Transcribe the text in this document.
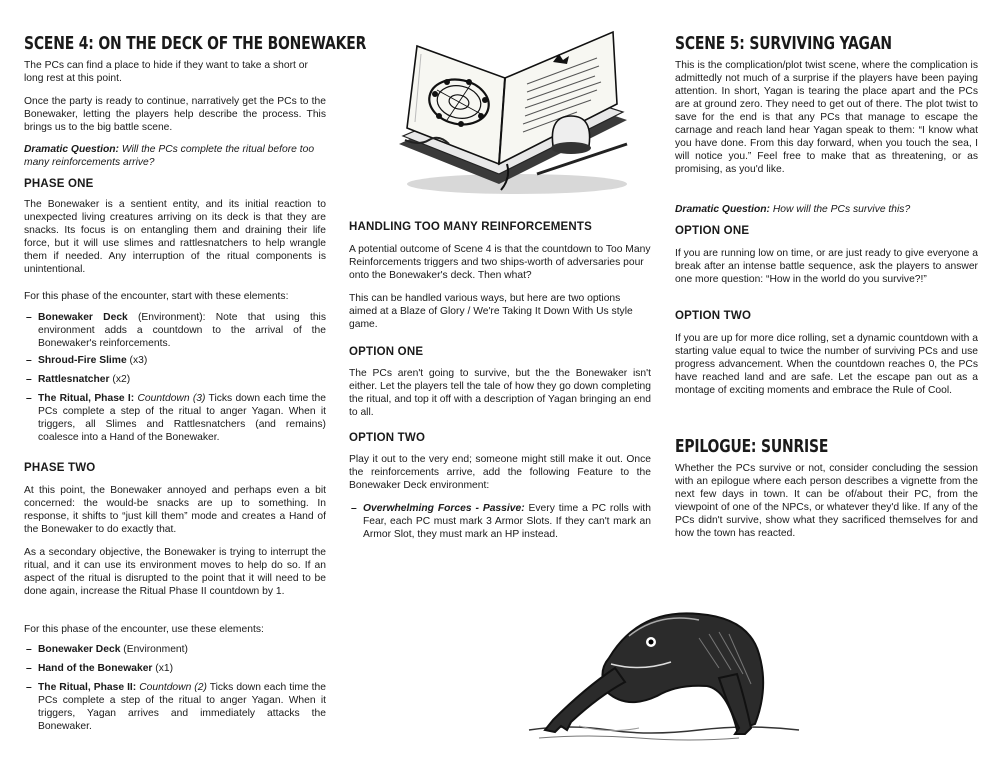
SCENE 4: ON THE DECK OF THE BONEWAKER

The PCs can find a place to hide if they want to take a short or long rest at this point.

Once the party is ready to continue, narratively get the PCs to the Bonewaker, letting the players help describe the process. This brings us to the big battle scene.

Dramatic Question: Will the PCs complete the ritual before too many reinforcements arrive?

PHASE ONE

The Bonewaker is a sentient entity, and its initial reaction to unexpected living creatures arriving on its deck is that they are snacks. Its focus is on entangling them and draining their life force, but it will use slimes and rattlesnatchers to help wrangle them if needed. Any interruption of the ritual components is unintentional.

For this phase of the encounter, start with these elements:

– Bonewaker Deck (Environment): Note that using this environment adds a countdown to the arrival of the Bonewaker's reinforcements.
– Shroud-Fire Slime (x3)
– Rattlesnatcher (x2)
– The Ritual, Phase I: Countdown (3) Ticks down each time the PCs complete a step of the ritual to anger Yagan. When it triggers, all Slimes and Rattlesnatchers (and remains) coalesce into a Hand of the Bonewaker.
PHASE TWO

At this point, the Bonewaker annoyed and perhaps even a bit concerned: the would-be snacks are up to something. In response, it shifts to “just kill them” mode and creates a Hand of the Bonewaker to do exactly that.

As a secondary objective, the Bonewaker is trying to interrupt the ritual, and it can use its environment moves to help do so. If an aspect of the ritual is disrupted to the point that it will need to be done again, increase the Ritual Phase II countdown by 1.

For this phase of the encounter, use these elements:

– Bonewaker Deck (Environment)
– Hand of the Bonewaker (x1)
– The Ritual, Phase II: Countdown (2) Ticks down each time the PCs complete a step of the ritual to anger Yagan. When it triggers, Yagan arrives and immediately attacks the Bonewaker.
HANDLING TOO MANY REINFORCEMENTS

A potential outcome of Scene 4 is that the countdown to Too Many Reinforcements triggers and two ships-worth of adversaries pour onto the Bonewaker's deck. Then what?

This can be handled various ways, but here are two options aimed at a Blaze of Glory / We're Taking It Down With Us style game.

OPTION ONE

The PCs aren't going to survive, but the the Bonewaker isn't either. Let the players tell the tale of how they go down completing the ritual, and top it off with a description of Yagan bringing an end to all.

OPTION TWO

Play it out to the very end; someone might still make it out. Once the reinforcements arrive, add the following Feature to the Bonewaker Deck environment:

– Overwhelming Forces - Passive: Every time a PC rolls with Fear, each PC must mark 3 Armor Slots. If they can't mark an Armor Slot, they must mark an HP instead.
SCENE 5: SURVIVING YAGAN

This is the complication/plot twist scene, where the complication is admittedly not much of a surprise if the players have been paying attention. In short, Yagan is tearing the place apart and the PCs are at ground zero. They need to get out of there. The plot twist to save for the end is that any PCs that manage to escape the carnage and reach land hear Yagan speak to them: “I know what you have done. From this day forward, when you touch the sea, I will notice you.” Feel free to make that as threatening, or as promising, as you'd like.

Dramatic Question: How will the PCs survive this?

OPTION ONE

If you are running low on time, or are just ready to give everyone a break after an intense battle sequence, ask the players to answer one more question: “How in the world do you survive?!”

OPTION TWO

If you are up for more dice rolling, set a dynamic countdown with a starting value equal to twice the number of surviving PCs and use progress advancement. When the countdown reaches 0, the PCs have reached land and are safe. Let the escape pan out as a montage of exciting moments and embrace the Rule of Cool.

EPILOGUE: SUNRISE

Whether the PCs survive or not, consider concluding the session with an epilogue where each person describes a vignette from the next few days in town. It can be of/about their PC, from the viewpoint of one of the NPCs, or whatever they'd like. If any of the PCs didn't survive, show what they sacrificed themselves for and how the town has reacted.
